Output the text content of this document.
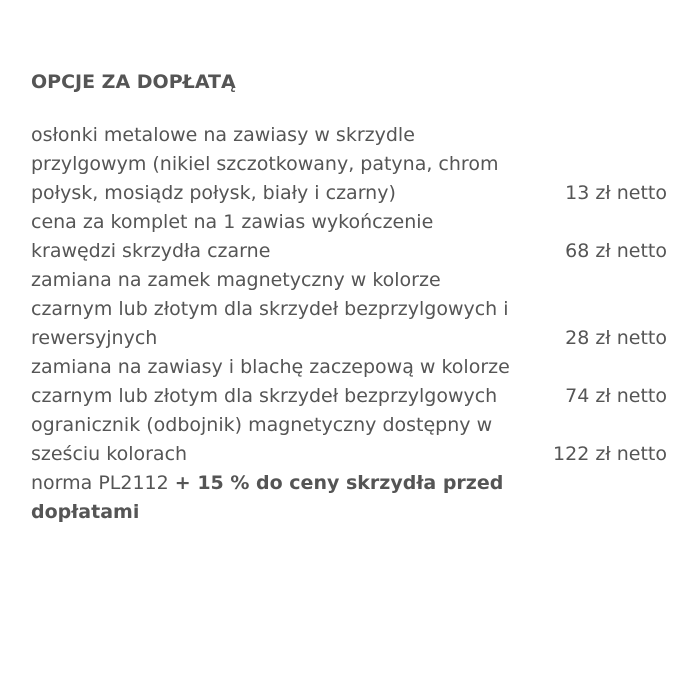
OPCJE ZA DOPŁATĄ
osłonki metalowe na zawiasy w skrzydle przylgowym (nikiel szczotkowany, patyna, chrom połysk, mosiądz połysk, biały i czarny)	13 zł netto
cena za komplet na 1 zawias wykończenie krawędzi skrzydła czarne	68 zł netto
zamiana na zamek magnetyczny w kolorze czarnym lub złotym dla skrzydeł bezprzylgowych i rewersyjnych	28 zł netto
zamiana na zawiasy i blachę zaczepową w kolorze czarnym lub złotym dla skrzydeł bezprzylgowych	74 zł netto
ogranicznik (odbojnik) magnetyczny dostępny w sześciu kolorach	122 zł netto
norma PL2112 + 15 % do ceny skrzydła przed dopłatami
